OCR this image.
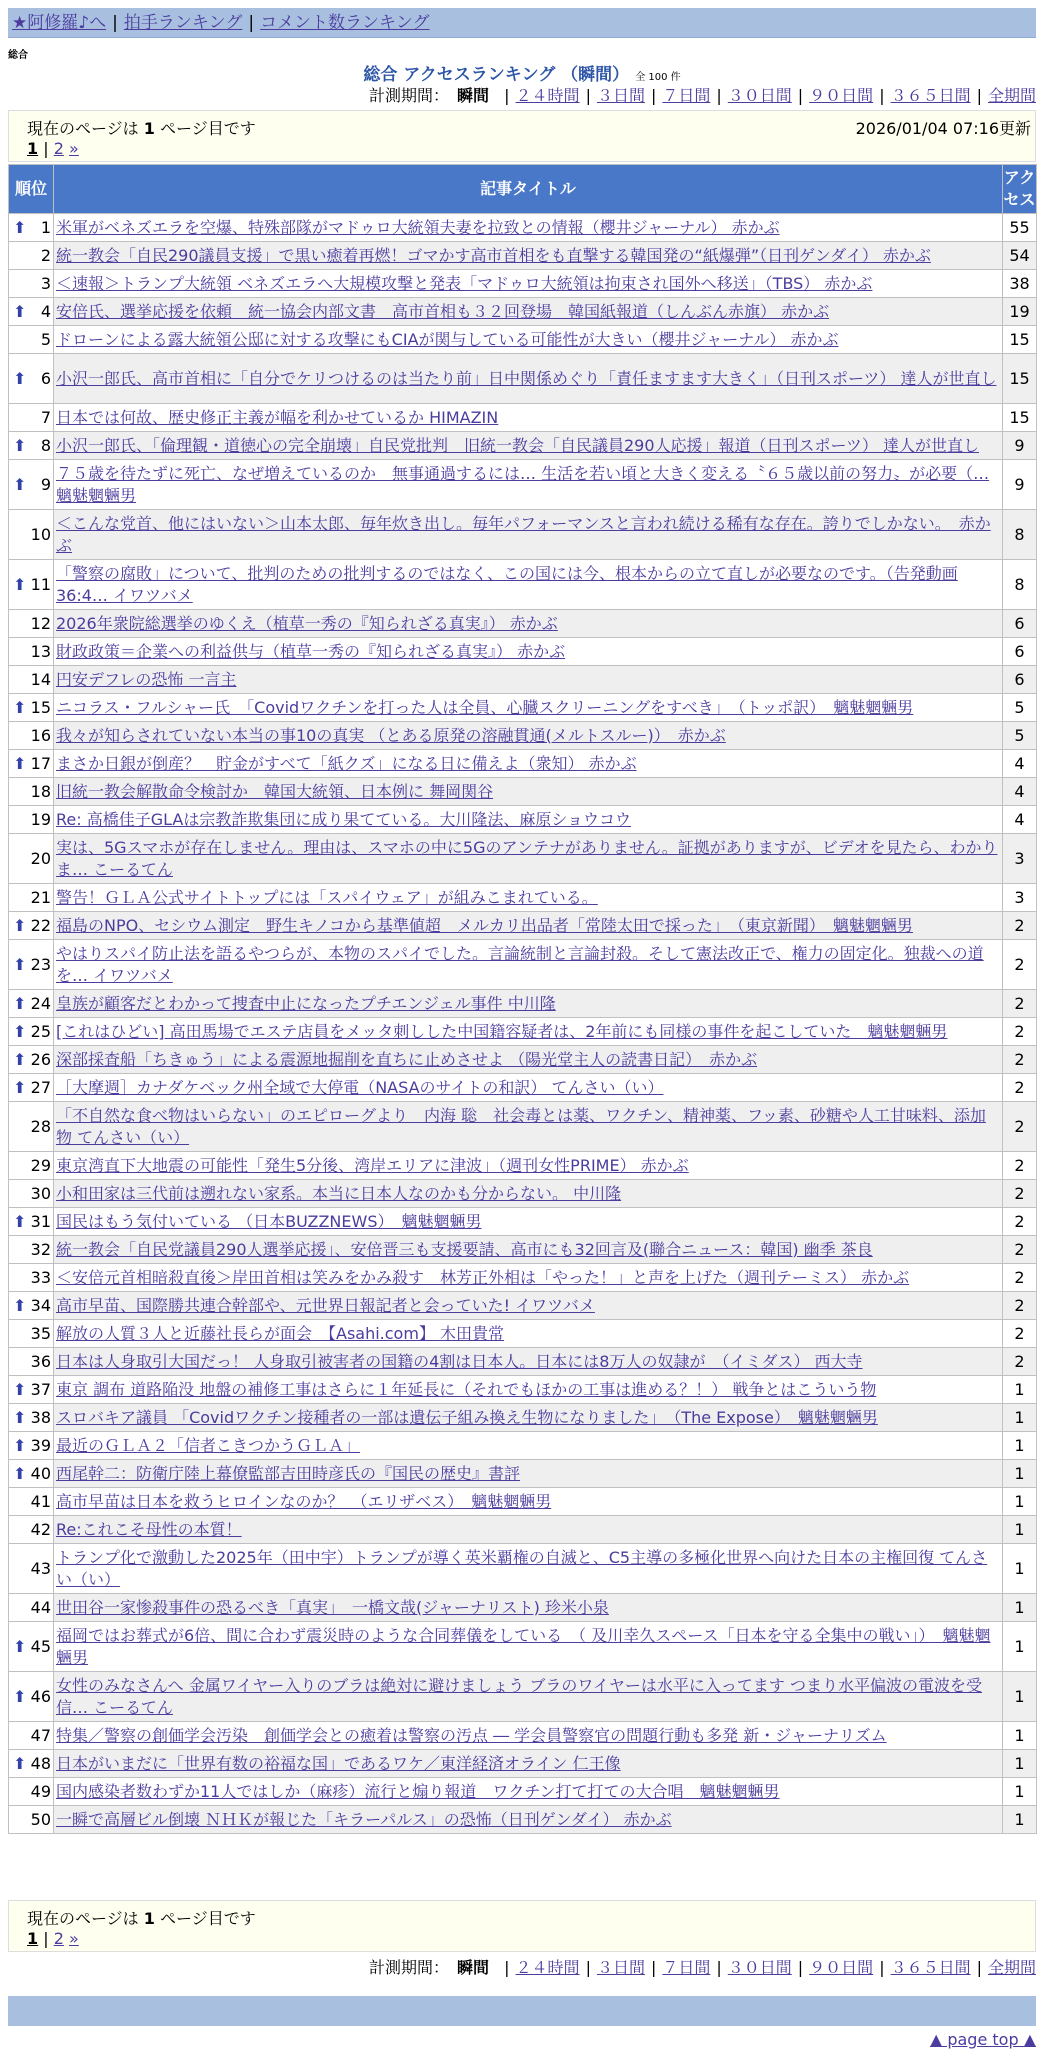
★阿修羅♪へ | 拍手ランキング | コメント数ランキング
総合
総合 アクセスランキング （瞬間） 全 100 件
計測期間： 瞬間 | ２４時間 | ３日間 | ７日間 | ３０日間 | ９０日間 | ３６５日間 | 全期間
現在のページは 1 ページ目です	2026/01/04 07:16更新
1 | 2 »
順位	記事タイトル	アクセス

⬆ 1	米軍がベネズエラを空爆、特殊部隊がマドゥロ大統領夫妻を拉致との情報（櫻井ジャーナル） 赤かぶ	55
2	統一教会「自民290議員支援」で黒い癒着再燃！ゴマかす高市首相をも直撃する韓国発の“紙爆弾”（日刊ゲンダイ） 赤かぶ	54
3	＜速報＞トランプ大統領 ベネズエラへ大規模攻撃と発表「マドゥロ大統領は拘束され国外へ移送」（TBS） 赤かぶ	38

⬆ 4	安倍氏、選挙応援を依頼　統一協会内部文書　高市首相も３２回登場　韓国紙報道（しんぶん赤旗） 赤かぶ	19
5	ドローンによる露大統領公邸に対する攻撃にもCIAが関与している可能性が大きい（櫻井ジャーナル） 赤かぶ	15

⬆ 6	小沢一郎氏、高市首相に「自分でケリつけるのは当たり前」日中関係めぐり「責任ますます大きく」（日刊スポーツ） 達人が世直し	15
7	日本では何故、歴史修正主義が幅を利かせているか HIMAZIN	15

⬆ 8	小沢一郎氏、「倫理観・道徳心の完全崩壊」自民党批判　旧統一教会「自民議員290人応援」報道（日刊スポーツ） 達人が世直し	9

⬆ 9	７５歳を待たずに死亡、なぜ増えているのか　無事通過するには… 生活を若い頃と大きく変える〝６５歳以前の努力〟が必要（… 魑魅魍魎男	9
10	＜こんな党首、他にはいない＞山本太郎、毎年炊き出し。毎年パフォーマンスと言われ続ける稀有な存在。誇りでしかない。　赤かぶ	8

⬆ 11	「警察の腐敗」について、批判のための批判するのではなく、この国には今、根本からの立て直しが必要なのです。（告発動画36:4… イワツバメ	8
12	2026年衆院総選挙のゆくえ（植草一秀の『知られざる真実』） 赤かぶ	6
13	財政政策＝企業への利益供与（植草一秀の『知られざる真実』） 赤かぶ	6
14	円安デフレの恐怖 一言主	6

⬆ 15	ニコラス・フルシャー氏　「Covidワクチンを打った人は全員、心臓スクリーニングをすべき」　（トッポ訳）　魑魅魍魎男	5
16	我々が知らされていない本当の事10の真実 （とある原発の溶融貫通(メルトスルー)）　赤かぶ	5

⬆ 17	まさか日銀が倒産？　貯金がすべて「紙クズ」になる日に備えよ（衆知） 赤かぶ	4
18	旧統一教会解散命令検討か　韓国大統領、日本例に 舞岡関谷	4
19	Re: 高橋佳子GLAは宗教詐欺集団に成り果てている。大川隆法、麻原ショウコウ	4
20	実は、5Gスマホが存在しません。理由は、スマホの中に5Gのアンテナがありません。証拠がありますが、ビデオを見たら、わかりま… こーるてん	3
21	警告！ＧＬＡ公式サイトトップには「スパイウェア」が組みこまれている。	3

⬆ 22	福島のNPO、セシウム測定　野生キノコから基準値超　メルカリ出品者「常陸太田で採った」　（東京新聞）　魑魅魍魎男	2

⬆ 23	やはりスパイ防止法を語るやつらが、本物のスパイでした。言論統制と言論封殺。そして憲法改正で、権力の固定化。独裁への道を… イワツバメ	2

⬆ 24	皇族が顧客だとわかって捜査中止になったプチエンジェル事件 中川隆	2

⬆ 25	[これはひどい] 高田馬場でエステ店員をメッタ刺しした中国籍容疑者は、2年前にも同様の事件を起こしていた　魑魅魍魎男	2

⬆ 26	深部採査船「ちきゅう」による震源地掘削を直ちに止めさせよ （陽光堂主人の読書日記）　赤かぶ	2

⬆ 27	［大摩週］カナダケベック州全域で大停電（NASAのサイトの和訳） てんさい（い）	2
28	「不自然な食べ物はいらない」のエピローグより　内海 聡　社会毒とは薬、ワクチン、精神薬、フッ素、砂糖や人工甘味料、添加物 てんさい（い）	2
29	東京湾直下大地震の可能性「発生5分後、湾岸エリアに津波」（週刊女性PRIME） 赤かぶ	2
30	小和田家は三代前は遡れない家系。本当に日本人なのかも分からない。 中川隆	2

⬆ 31	国民はもう気付いている （日本BUZZNEWS）　魑魅魍魎男	2
32	統一教会「自民党議員290人選挙応援」、安倍晋三も支援要請、高市にも32回言及(聯合ニュース：韓国) 幽季 茶良	2
33	＜安倍元首相暗殺直後＞岸田首相は笑みをかみ殺す　林芳正外相は「やった！」と声を上げた（週刊テーミス） 赤かぶ	2

⬆ 34	高市早苗、国際勝共連合幹部や、元世界日報記者と会っていた! イワツバメ	2
35	解放の人質３人と近藤社長らが面会　【Asahi.com】 木田貴常	2
36	日本は人身取引大国だっ！ 人身取引被害者の国籍の4割は日本人。日本には8万人の奴隷が　（イミダス） 西大寺	2

⬆ 37	東京 調布 道路陥没 地盤の補修工事はさらに１年延長に（それでもほかの工事は進める？！） 戦争とはこういう物	1

⬆ 38	スロバキア議員 「Covidワクチン接種者の一部は遺伝子組み換え生物になりました」　（The Expose）　魑魅魍魎男	1

⬆ 39	最近のＧＬＡ２「信者こきつかうＧＬＡ」	1

⬆ 40	西尾幹二：防衛庁陸上幕僚監部吉田時彦氏の『国民の歴史』書評	1
41	高市早苗は日本を救うヒロインなのか？　（エリザベス）　魑魅魍魎男	1
42	Re:これこそ母性の本質！	1
43	トランプ化で激動した2025年（田中宇）トランプが導く英米覇権の自滅と、C5主導の多極化世界へ向けた日本の主権回復 てんさい（い）	1
44	世田谷一家惨殺事件の恐るべき「真実」　一橋文哉(ジャーナリスト) 珍米小泉	1

⬆ 45	福岡ではお葬式が6倍、間に合わず震災時のような合同葬儀をしている　（ 及川幸久スペース「日本を守る全集中の戦い」）　魑魅魍魎男	1

⬆ 46	女性のみなさんへ 金属ワイヤー入りのブラは絶対に避けましょう ブラのワイヤーは水平に入ってます つまり水平偏波の電波を受信… こーるてん	1
47	特集／警察の創価学会汚染　創価学会との癒着は警察の汚点 ― 学会員警察官の問題行動も多発 新・ジャーナリズム	1

⬆ 48	日本がいまだに「世界有数の裕福な国」であるワケ／東洋経済オライン 仁王像	1
49	国内感染者数わずか11人ではしか（麻疹）流行と煽り報道　ワクチン打て打ての大合唱　魑魅魍魎男	1
50	一瞬で高層ビル倒壊 ＮＨＫが報じた「キラーパルス」の恐怖（日刊ゲンダイ） 赤かぶ	1
現在のページは 1 ページ目です
1 | 2 »
計測期間： 瞬間 | ２４時間 | ３日間 | ７日間 | ３０日間 | ９０日間 | ３６５日間 | 全期間
▲ page top ▲
